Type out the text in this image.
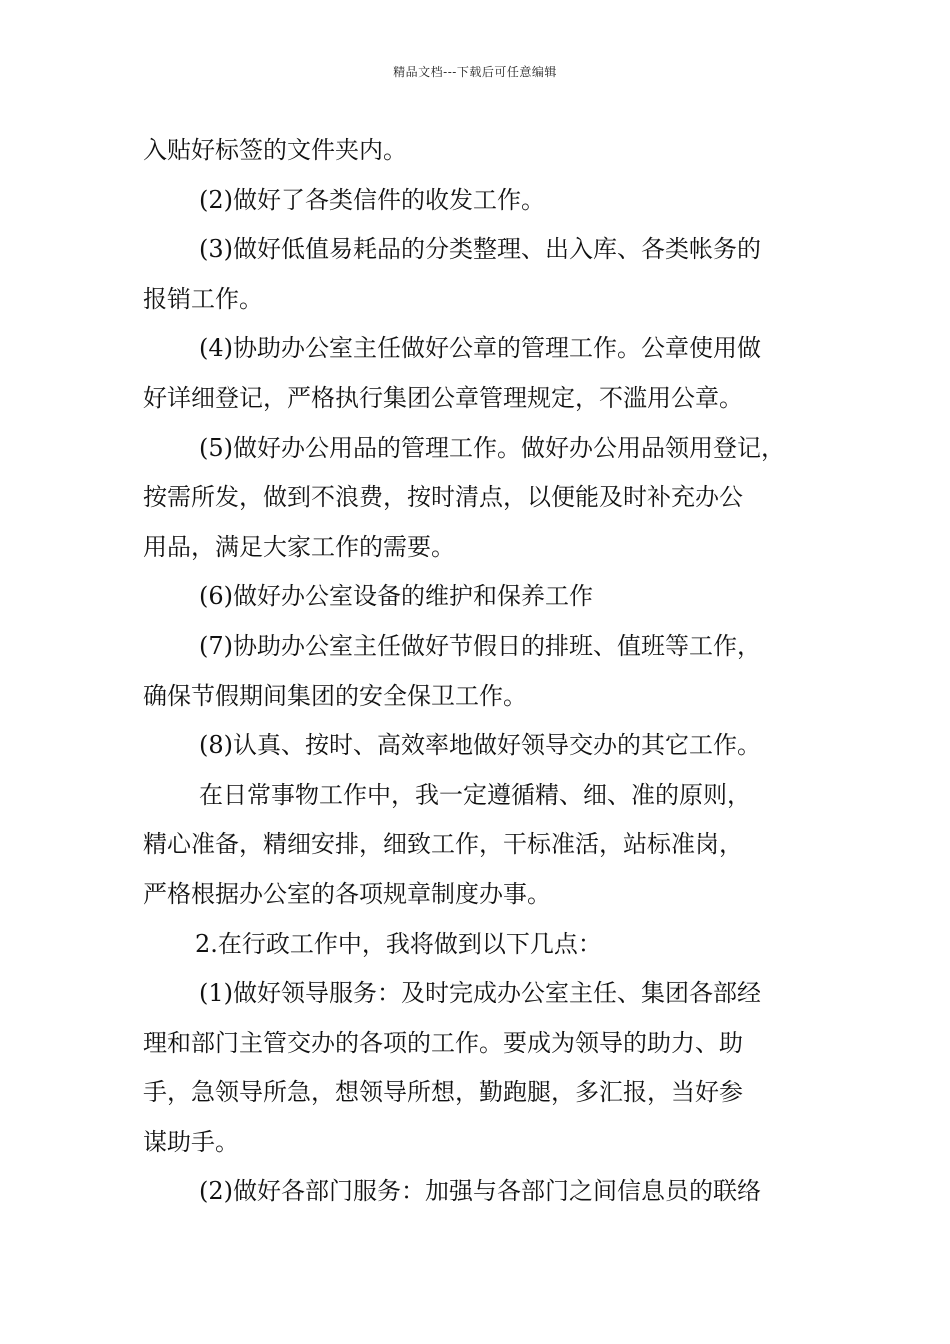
精品文档---下载后可任意编辑
入贴好标签的文件夹内。
(2)做好了各类信件的收发工作。
(3)做好低值易耗品的分类整理、出入库、各类帐务的
报销工作。
(4)协助办公室主任做好公章的管理工作。公章使用做
好详细登记，严格执行集团公章管理规定，不滥用公章。
(5)做好办公用品的管理工作。做好办公用品领用登记，
按需所发，做到不浪费，按时清点，以便能及时补充办公
用品，满足大家工作的需要。
(6)做好办公室设备的维护和保养工作
(7)协助办公室主任做好节假日的排班、值班等工作，
确保节假期间集团的安全保卫工作。
(8)认真、按时、高效率地做好领导交办的其它工作。
在日常事物工作中，我一定遵循精、细、准的原则，
精心准备，精细安排，细致工作，干标准活，站标准岗，
严格根据办公室的各项规章制度办事。
2.在行政工作中，我将做到以下几点：
(1)做好领导服务：及时完成办公室主任、集团各部经
理和部门主管交办的各项的工作。要成为领导的助力、助
手，急领导所急，想领导所想，勤跑腿，多汇报，当好参
谋助手。
(2)做好各部门服务：加强与各部门之间信息员的联络
